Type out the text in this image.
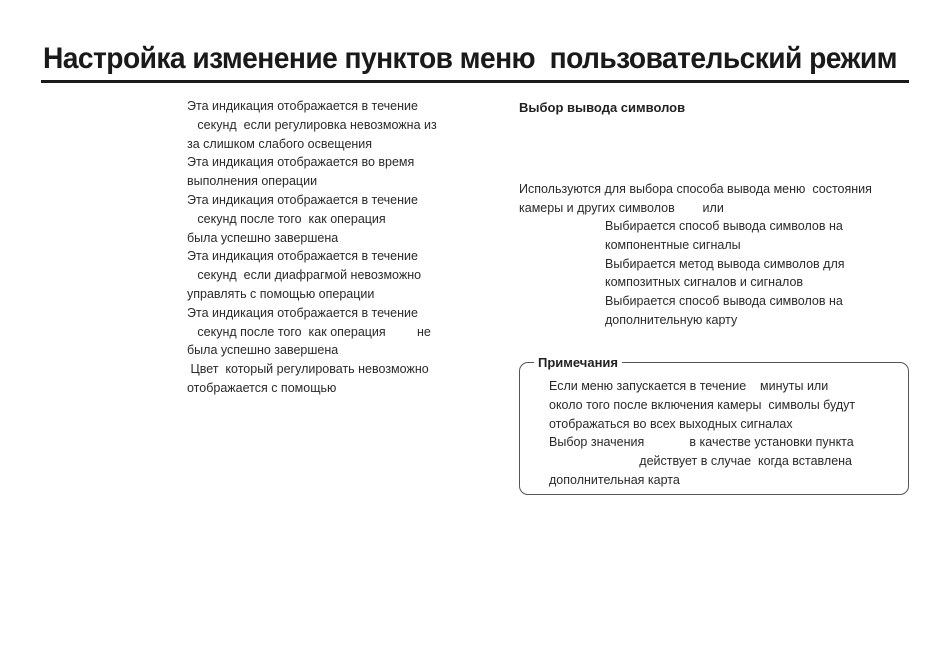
Настройка изменение пунктов меню  пользовательский режим
Эта индикация отображается в течение
секунд  если регулировка невозможна из
за слишком слабого освещения
Эта индикация отображается во время
выполнения операции
Эта индикация отображается в течение
секунд после того  как операция
была успешно завершена
Эта индикация отображается в течение
секунд  если диафрагмой невозможно
управлять с помощью операции
Эта индикация отображается в течение
секунд после того  как операция         не
была успешно завершена
Цвет  который регулировать невозможно
отображается с помощью
Выбор вывода символов
Используются для выбора способа вывода меню  состояния
камеры и других символов        или
Выбирается способ вывода символов на
компонентные сигналы
Выбирается метод вывода символов для
композитных сигналов и сигналов
Выбирается способ вывода символов на
дополнительную карту
Примечания
Если меню запускается в течение    минуты или
около того после включения камеры  символы будут
отображаться во всех выходных сигналах
Выбор значения             в качестве установки пункта
действует в случае  когда вставлена
дополнительная карта
